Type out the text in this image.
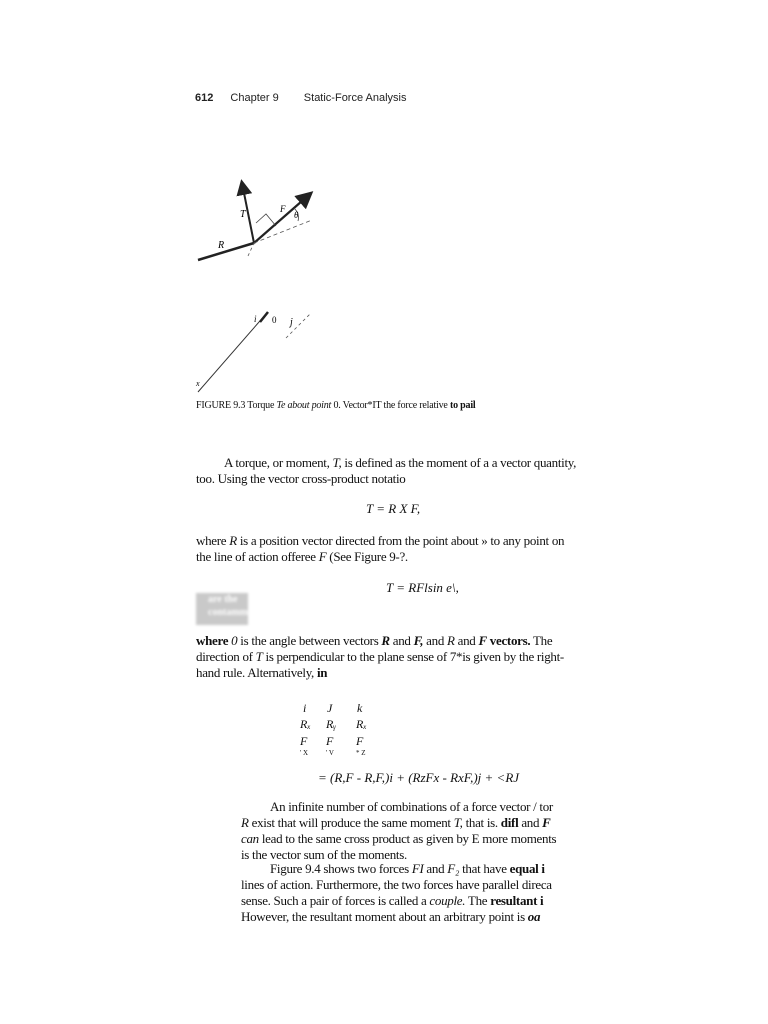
612 Chapter 9 Static-Force Analysis
T	F
θ
R
i 0 j
x
FIGURE 9.3 Torque Te about point 0. Vector*IT the force relative to pail
A torque, or moment, T, is defined as the moment of a a vector quantity,
too. Using the vector cross-product notatio
T = R X F,
where R is a position vector directed from the point about » to any point on
the line of action offeree F (See Figure 9-?.
T = RFlsin e\,
are the
contamm
where 0 is the angle between vectors R and F, and R and F vectors. The
direction of T is perpendicular to the plane sense of 7*is given by the right-
hand rule. Alternatively, in
i J k
Rₓ Rᵧ Rₓ
F F F
' X	' V	* Z
= (R,F - R,F,)i + (RzFx - RxF,)j + <RJ
An infinite number of combinations of a force vector / tor
R exist that will produce the same moment T, that is. difl and F
can lead to the same cross product as given by E more moments
is the vector sum of the moments.
Figure 9.4 shows two forces FI and F₂ that have equal i
lines of action. Furthermore, the two forces have parallel direca
sense. Such a pair of forces is called a couple. The resultant i
However, the resultant moment about an arbitrary point is oa
